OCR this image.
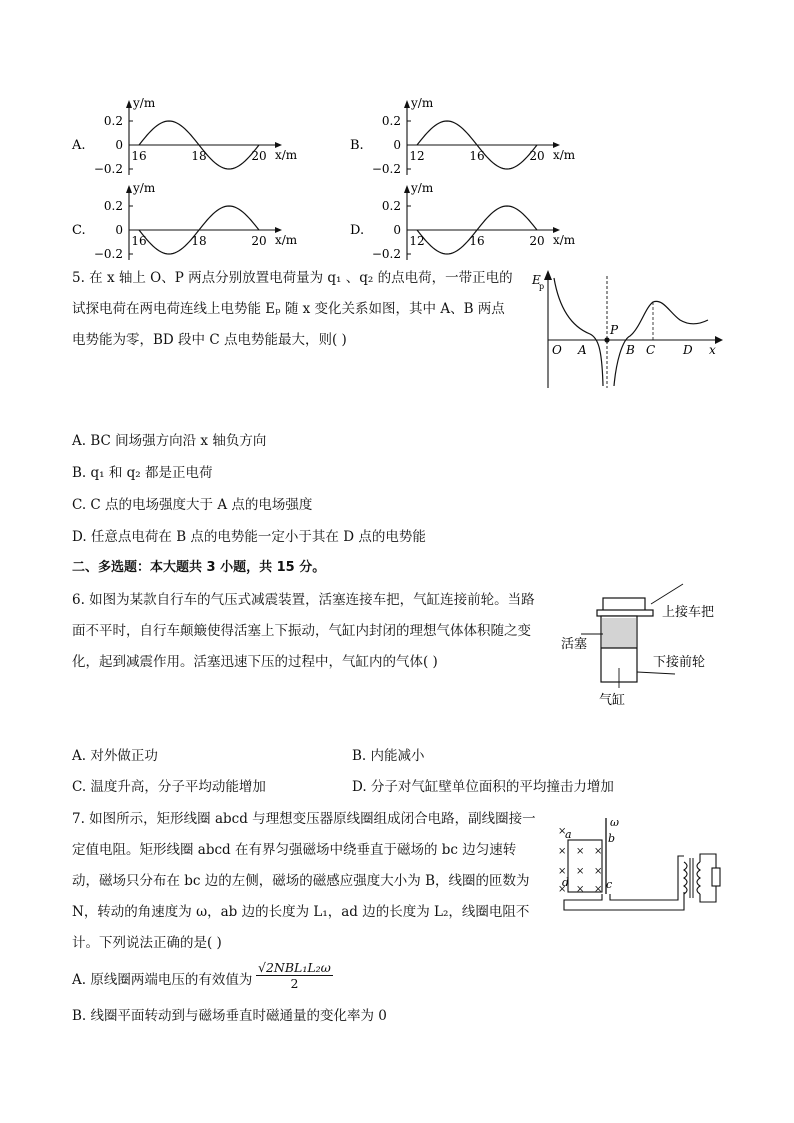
A.
y/m
x/m
0.2
0
−0.2
16	18	20
B.
y/m
x/m
0.2
0
−0.2
12	16	20
C.
y/m
x/m
0.2
0
−0.2
16	18	20
D.
y/m
x/m
0.2
0
−0.2
12	16	20
5. 在 x 轴上 O、P 两点分别放置电荷量为 q₁ 、q₂ 的点电荷，一带正电的
试探电荷在两电荷连线上电势能 Eₚ 随 x 变化关系如图，其中 A、B 两点
电势能为零，BD 段中 C 点电势能最大，则( )
E
p
x
O A
P
B C D
A. BC 间场强方向沿 x 轴负方向
B. q₁ 和 q₂ 都是正电荷
C. C 点的电场强度大于 A 点的电场强度
D. 任意点电荷在 B 点的电势能一定小于其在 D 点的电势能
二、多选题：本大题共 3 小题，共 15 分。
6. 如图为某款自行车的气压式减震装置，活塞连接车把，气缸连接前轮。当路
面不平时，自行车颠簸使得活塞上下振动，气缸内封闭的理想气体体积随之变
化，起到减震作用。活塞迅速下压的过程中，气缸内的气体( )
上接车把
活塞
下接前轮
气缸
A. 对外做正功	B. 内能减小
C. 温度升高，分子平均动能增加	D. 分子对气缸壁单位面积的平均撞击力增加
7. 如图所示，矩形线圈 abcd 与理想变压器原线圈组成闭合电路，副线圈接一
定值电阻。矩形线圈 abcd 在有界匀强磁场中绕垂直于磁场的 bc 边匀速转
动，磁场只分布在 bc 边的左侧，磁场的磁感应强度大小为 B，线圈的匝数为
N，转动的角速度为 ω，ab 边的长度为 L₁，ad 边的长度为 L₂，线圈电阻不
计。下列说法正确的是( )
×
× × ×
× × ×
× × ×
ω
a	b
c
d
A. 原线圈两端电压的有效值为
√2NBL₁L₂ω
2
B. 线圈平面转动到与磁场垂直时磁通量的变化率为 0
